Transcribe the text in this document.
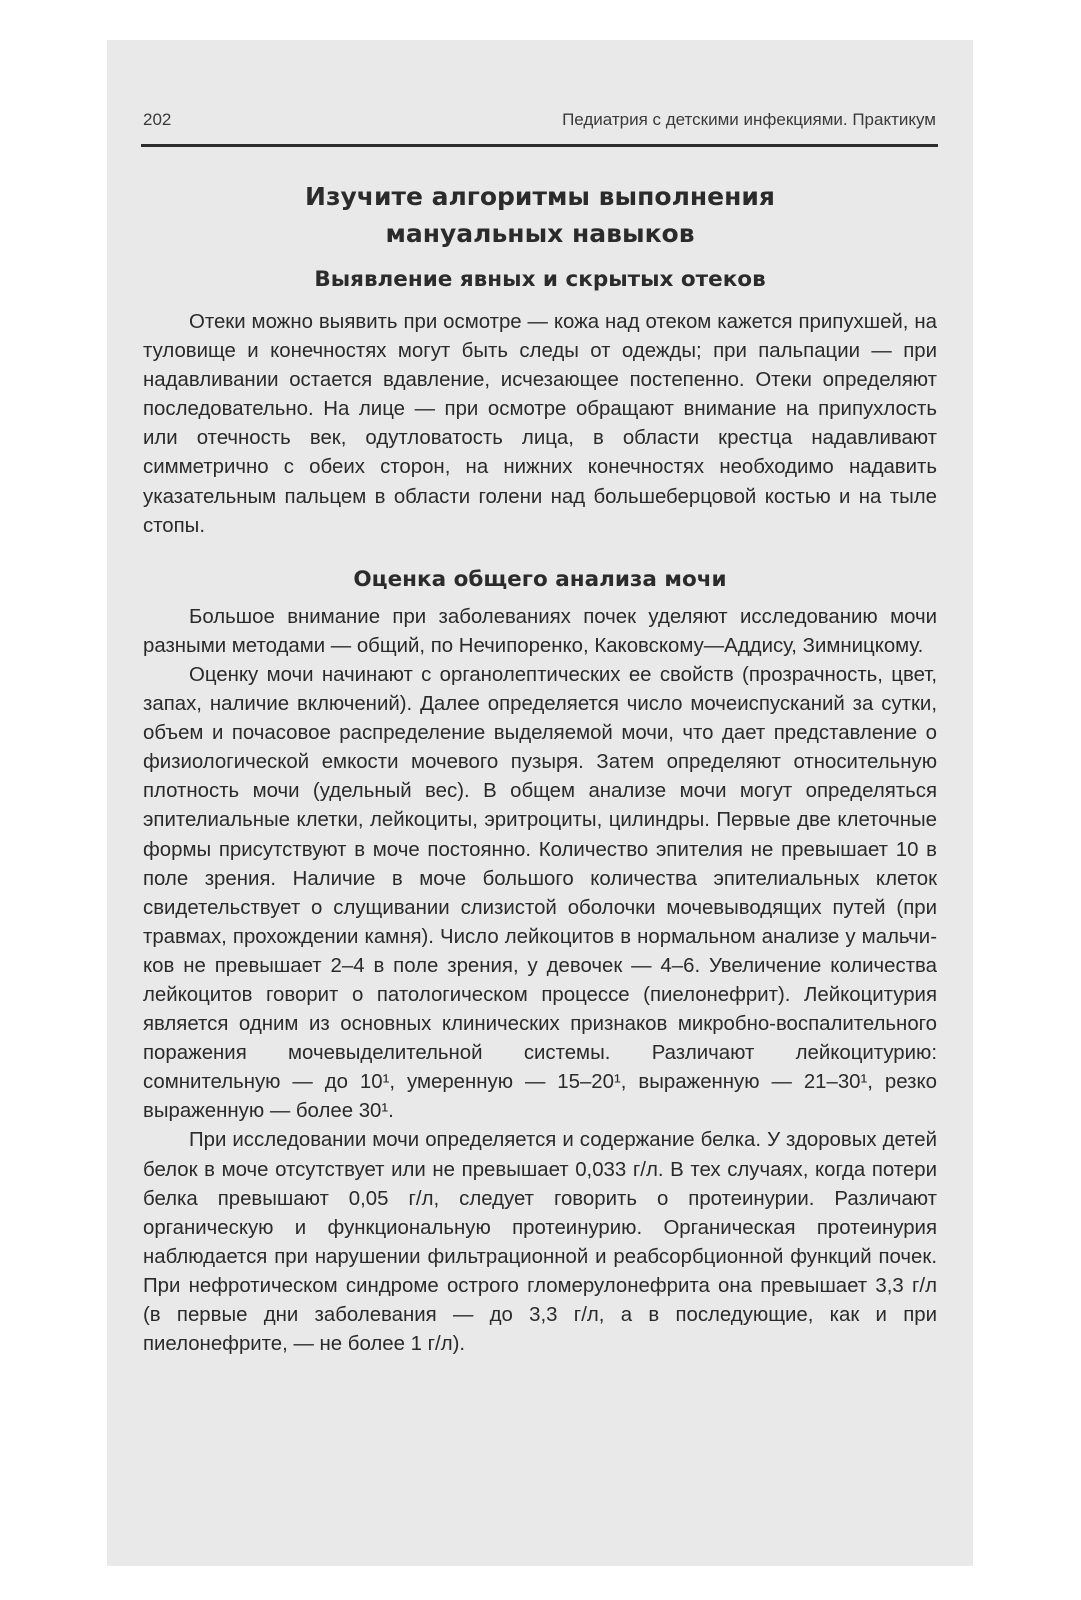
202	Педиатрия с детскими инфекциями. Практикум
Изучите алгоритмы выполнения
мануальных навыков
Выявление явных и скрытых отеков

Отеки можно выявить при осмотре — кожа над отеком кажется припухшей, на туловище и конечностях могут быть следы от одежды; при пальпации — при надавливании остается вдавление, исчезающее постепенно. Отеки определяют последовательно. На лице — при осмотре обращают внимание на припухлость или отечность век, одутловатость лица, в области крестца надавливают симметрично с обеих сторон, на нижних конечностях необходимо надавить указательным пальцем в области голени над большеберцовой костью и на тыле стопы.

Оценка общего анализа мочи

Большое внимание при заболеваниях почек уделяют исследованию мочи разными методами — общий, по Нечипоренко, Каковскому—Аддису, Зимницкому.

Оценку мочи начинают с органолептических ее свойств (прозрачность, цвет, запах, наличие включений). Далее определяется число мочеиспусканий за сутки, объем и почасовое распределение выделяемой мочи, что дает представление о физиологической емкости мочевого пузыря. Затем определяют относительную плотность мочи (удельный вес). В общем анализе мочи могут определяться эпителиальные клетки, лейкоциты, эритроциты, цилиндры. Первые две клеточные формы присутствуют в моче постоянно. Количество эпителия не превышает 10 в поле зрения. Наличие в моче большого количества эпителиальных клеток свидетельствует о слущивании слизистой оболочки мочевыводящих путей (при травмах, прохождении камня). Число лейкоцитов в нормальном анализе у мальчиков не превышает 2–4 в поле зрения, у девочек — 4–6. Увеличение количества лейкоцитов говорит о патологическом процессе (пиелонефрит). Лейкоцитурия является одним из основных клинических признаков микробно-воспалительного поражения мочевыделительной системы. Различают лейкоцитурию: сомнительную — до 10¹, умеренную — 15–20¹, выраженную — 21–30¹, резко выраженную — более 30¹.

При исследовании мочи определяется и содержание белка. У здоровых детей белок в моче отсутствует или не превышает 0,033 г/л. В тех случаях, когда потери белка превышают 0,05 г/л, следует говорить о протеинурии. Различают органическую и функциональную протеинурию. Органическая протеинурия наблюдается при нарушении фильтрационной и реабсорбционной функций почек. При нефротическом синдроме острого гломерулонефрита она превышает 3,3 г/л (в первые дни заболевания — до 3,3 г/л, а в последующие, как и при пиелонефрите, — не более 1 г/л).
